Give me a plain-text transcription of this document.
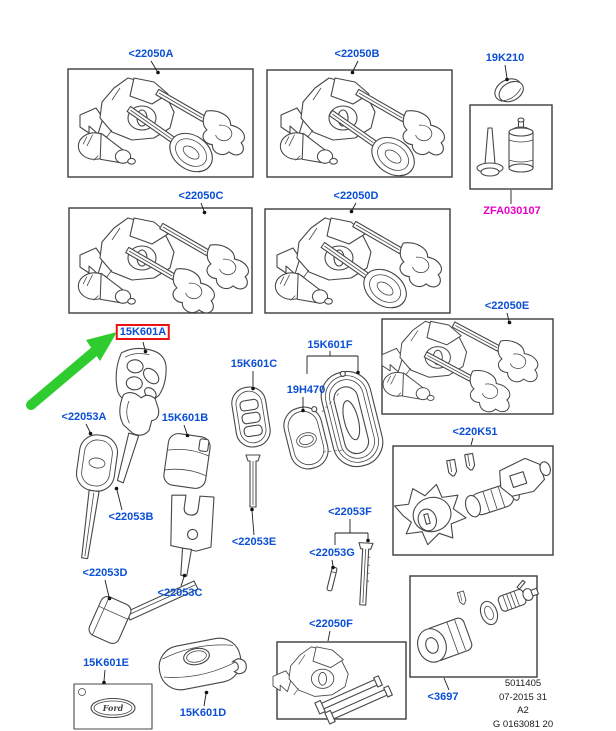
Ford
<22050A	<22050B	19K210
ZFA030107
<22050C	<22050D
<22050E
15K601A
<22053A	15K601B
15K601C
15K601F
19H470
<22053B
<22053E
<22053F
<22053G
<220K51
<22053D
<22053C
15K601E
15K601D
<22050F
<3697
5011405
07-2015 31
A2
G 0163081 20
